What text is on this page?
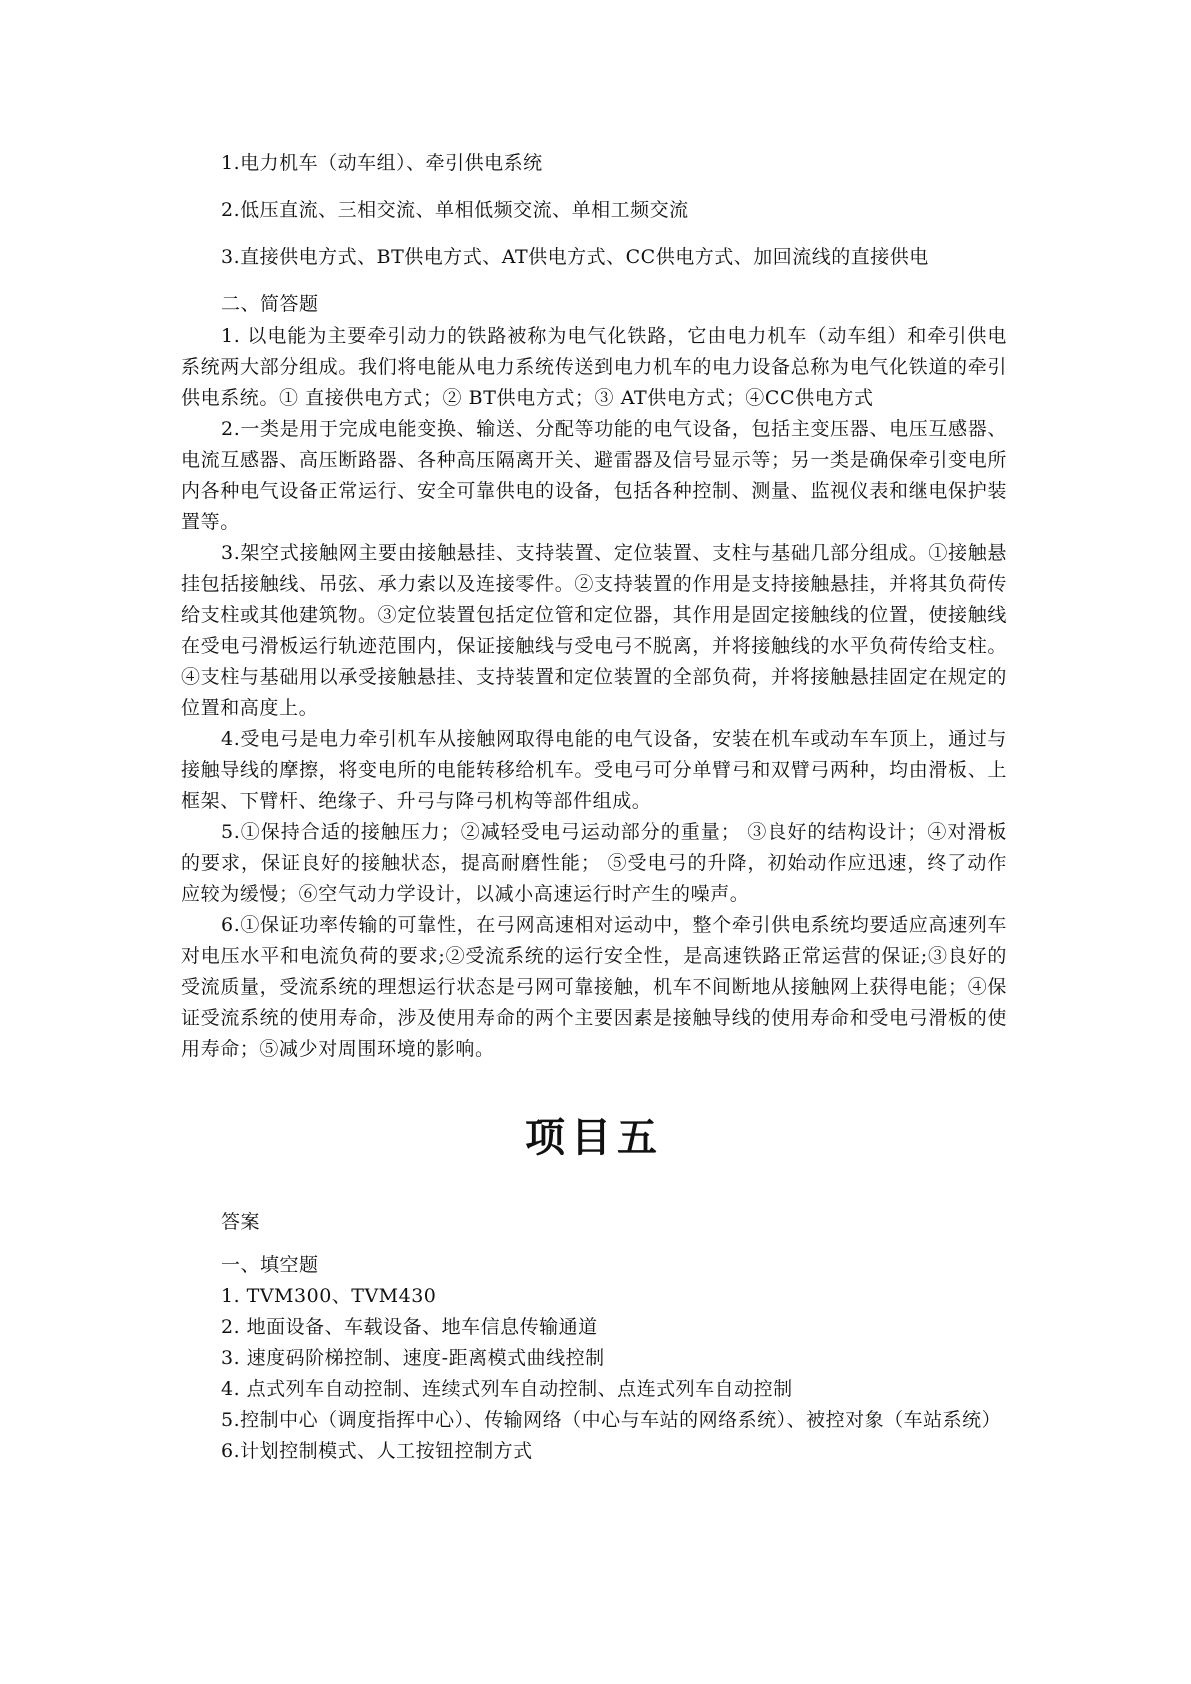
1.电力机车（动车组）、牵引供电系统

2.低压直流、三相交流、单相低频交流、单相工频交流

3.直接供电方式、BT供电方式、AT供电方式、CC供电方式、加回流线的直接供电

二、简答题

1. 以电能为主要牵引动力的铁路被称为电气化铁路，它由电力机车（动车组）和牵引供电系统两大部分组成。我们将电能从电力系统传送到电力机车的电力设备总称为电气化铁道的牵引供电系统。① 直接供电方式；② BT供电方式；③ AT供电方式；④CC供电方式

2.一类是用于完成电能变换、输送、分配等功能的电气设备，包括主变压器、电压互感器、电流互感器、高压断路器、各种高压隔离开关、避雷器及信号显示等；另一类是确保牵引变电所内各种电气设备正常运行、安全可靠供电的设备，包括各种控制、测量、监视仪表和继电保护装置等。

3.架空式接触网主要由接触悬挂、支持装置、定位装置、支柱与基础几部分组成。①接触悬挂包括接触线、吊弦、承力索以及连接零件。②支持装置的作用是支持接触悬挂，并将其负荷传给支柱或其他建筑物。③定位装置包括定位管和定位器，其作用是固定接触线的位置，使接触线在受电弓滑板运行轨迹范围内，保证接触线与受电弓不脱离，并将接触线的水平负荷传给支柱。④支柱与基础用以承受接触悬挂、支持装置和定位装置的全部负荷，并将接触悬挂固定在规定的位置和高度上。

4.受电弓是电力牵引机车从接触网取得电能的电气设备，安装在机车或动车车顶上，通过与接触导线的摩擦，将变电所的电能转移给机车。受电弓可分单臂弓和双臂弓两种，均由滑板、上框架、下臂杆、绝缘子、升弓与降弓机构等部件组成。

5.①保持合适的接触压力；②减轻受电弓运动部分的重量； ③良好的结构设计；④对滑板的要求，保证良好的接触状态，提高耐磨性能； ⑤受电弓的升降，初始动作应迅速，终了动作应较为缓慢；⑥空气动力学设计，以减小高速运行时产生的噪声。

6.①保证功率传输的可靠性，在弓网高速相对运动中，整个牵引供电系统均要适应高速列车对电压水平和电流负荷的要求;②受流系统的运行安全性，是高速铁路正常运营的保证;③良好的受流质量，受流系统的理想运行状态是弓网可靠接触，机车不间断地从接触网上获得电能；④保证受流系统的使用寿命，涉及使用寿命的两个主要因素是接触导线的使用寿命和受电弓滑板的使用寿命；⑤减少对周围环境的影响。

项目五

答案

一、填空题

1. TVM300、TVM430

2. 地面设备、车载设备、地车信息传输通道

3. 速度码阶梯控制、速度-距离模式曲线控制

4. 点式列车自动控制、连续式列车自动控制、点连式列车自动控制

5.控制中心（调度指挥中心）、传输网络（中心与车站的网络系统）、被控对象（车站系统）

6.计划控制模式、人工按钮控制方式
